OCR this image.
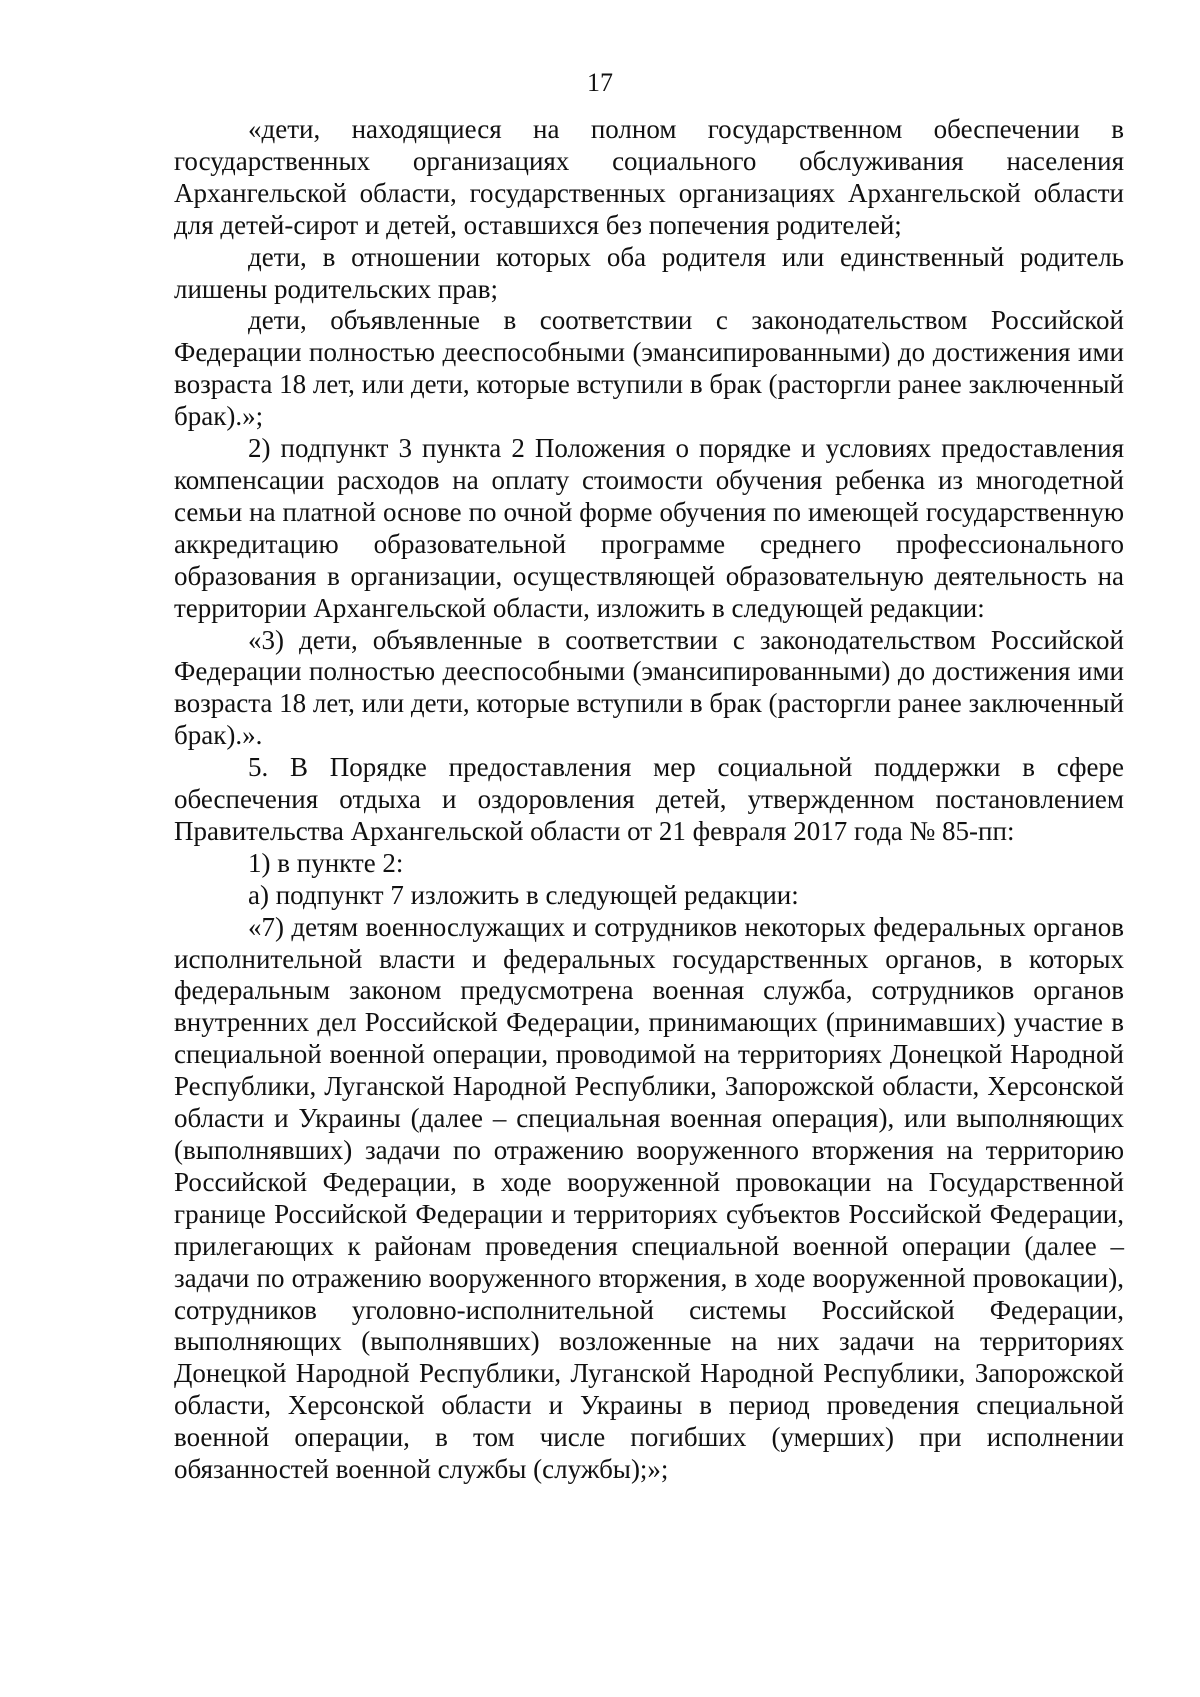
17

«дети, находящиеся на полном государственном обеспечении в государственных организациях социального обслуживания населения Архангельской области, государственных организациях Архангельской области для детей-сирот и детей, оставшихся без попечения родителей;

дети, в отношении которых оба родителя или единственный родитель лишены родительских прав;

дети, объявленные в соответствии с законодательством Российской Федерации полностью дееспособными (эмансипированными) до достижения ими возраста 18 лет, или дети, которые вступили в брак (расторгли ранее заключенный брак).»;

2) подпункт 3 пункта 2 Положения о порядке и условиях предоставления компенсации расходов на оплату стоимости обучения ребенка из многодетной семьи на платной основе по очной форме обучения по имеющей государственную аккредитацию образовательной программе среднего профессионального образования в организации, осуществляющей образовательную деятельность на территории Архангельской области, изложить в следующей редакции:

«3) дети, объявленные в соответствии с законодательством Российской Федерации полностью дееспособными (эмансипированными) до достижения ими возраста 18 лет, или дети, которые вступили в брак (расторгли ранее заключенный брак).».

5. В Порядке предоставления мер социальной поддержки в сфере обеспечения отдыха и оздоровления детей, утвержденном постановлением Правительства Архангельской области от 21 февраля 2017 года № 85-пп:

1) в пункте 2:

а) подпункт 7 изложить в следующей редакции:

«7) детям военнослужащих и сотрудников некоторых федеральных органов исполнительной власти и федеральных государственных органов, в которых федеральным законом предусмотрена военная служба, сотрудников органов внутренних дел Российской Федерации, принимающих (принимавших) участие в специальной военной операции, проводимой на территориях Донецкой Народной Республики, Луганской Народной Республики, Запорожской области, Херсонской области и Украины (далее – специальная военная операция), или выполняющих (выполнявших) задачи по отражению вооруженного вторжения на территорию Российской Федерации, в ходе вооруженной провокации на Государственной границе Российской Федерации и территориях субъектов Российской Федерации, прилегающих к районам проведения специальной военной операции (далее – задачи по отражению вооруженного вторжения, в ходе вооруженной провокации), сотрудников уголовно-исполнительной системы Российской Федерации, выполняющих (выполнявших) возложенные на них задачи на территориях Донецкой Народной Республики, Луганской Народной Республики, Запорожской области, Херсонской области и Украины в период проведения специальной военной операции, в том числе погибших (умерших) при исполнении обязанностей военной службы (службы);»;
